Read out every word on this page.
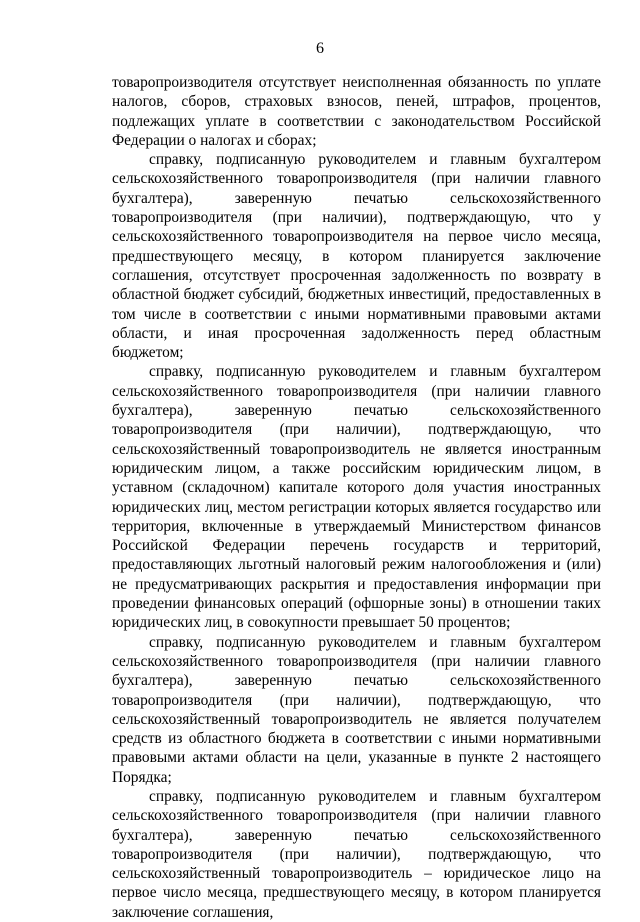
6

товаропроизводителя отсутствует неисполненная обязанность по уплате налогов, сборов, страховых взносов, пеней, штрафов, процентов, подлежащих уплате в соответствии с законодательством Российской Федерации о налогах и сборах;

справку, подписанную руководителем и главным бухгалтером сельскохозяйственного товаропроизводителя (при наличии главного бухгалтера), заверенную печатью сельскохозяйственного товаропроизводителя (при наличии), подтверждающую, что у сельскохозяйственного товаропроизводителя на первое число месяца, предшествующего месяцу, в котором планируется заключение соглашения, отсутствует просроченная задолженность по возврату в областной бюджет субсидий, бюджетных инвестиций, предоставленных в том числе в соответствии с иными нормативными правовыми актами области, и иная просроченная задолженность перед областным бюджетом;

справку, подписанную руководителем и главным бухгалтером сельскохозяйственного товаропроизводителя (при наличии главного бухгалтера), заверенную печатью сельскохозяйственного товаропроизводителя (при наличии), подтверждающую, что сельскохозяйственный товаропроизводитель не является иностранным юридическим лицом, а также российским юридическим лицом, в уставном (складочном) капитале которого доля участия иностранных юридических лиц, местом регистрации которых является государство или территория, включенные в утверждаемый Министерством финансов Российской Федерации перечень государств и территорий, предоставляющих льготный налоговый режим налогообложения и (или) не предусматривающих раскрытия и предоставления информации при проведении финансовых операций (офшорные зоны) в отношении таких юридических лиц, в совокупности превышает 50 процентов;

справку, подписанную руководителем и главным бухгалтером сельскохозяйственного товаропроизводителя (при наличии главного бухгалтера), заверенную печатью сельскохозяйственного товаропроизводителя (при наличии), подтверждающую, что сельскохозяйственный товаропроизводитель не является получателем средств из областного бюджета в соответствии с иными нормативными правовыми актами области на цели, указанные в пункте 2 настоящего Порядка;

справку, подписанную руководителем и главным бухгалтером сельскохозяйственного товаропроизводителя (при наличии главного бухгалтера), заверенную печатью сельскохозяйственного товаропроизводителя (при наличии), подтверждающую, что сельскохозяйственный товаропроизводитель – юридическое лицо на первое число месяца, предшествующего месяцу, в котором планируется заключение соглашения,
